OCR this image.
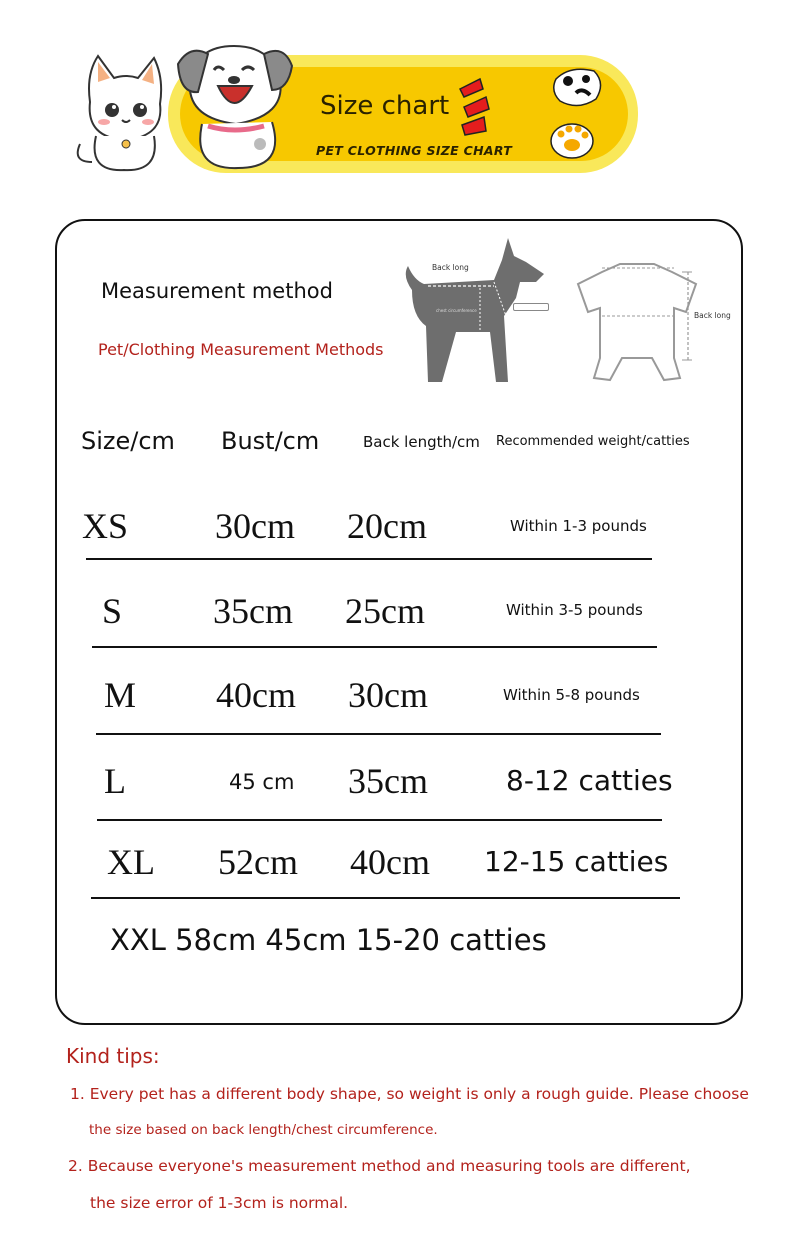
Size chart
PET CLOTHING SIZE CHART
Measurement method
Pet/Clothing Measurement Methods
Back long
chest circumference
Back long
Size/cm Bust/cm	Back length/cm Recommended weight/catties
XS 30cm 20cm	Within 1-3 pounds
S	35cm 25cm	Within 3-5 pounds
M 40cm 30cm	Within 5-8 pounds
L	45 cm 35cm	8-12 catties
XL 52cm 40cm 12-15 catties
XXL 58cm 45cm 15-20 catties
Kind tips:
1. Every pet has a different body shape, so weight is only a rough guide. Please choose
the size based on back length/chest circumference.
2. Because everyone's measurement method and measuring tools are different,
the size error of 1-3cm is normal.
